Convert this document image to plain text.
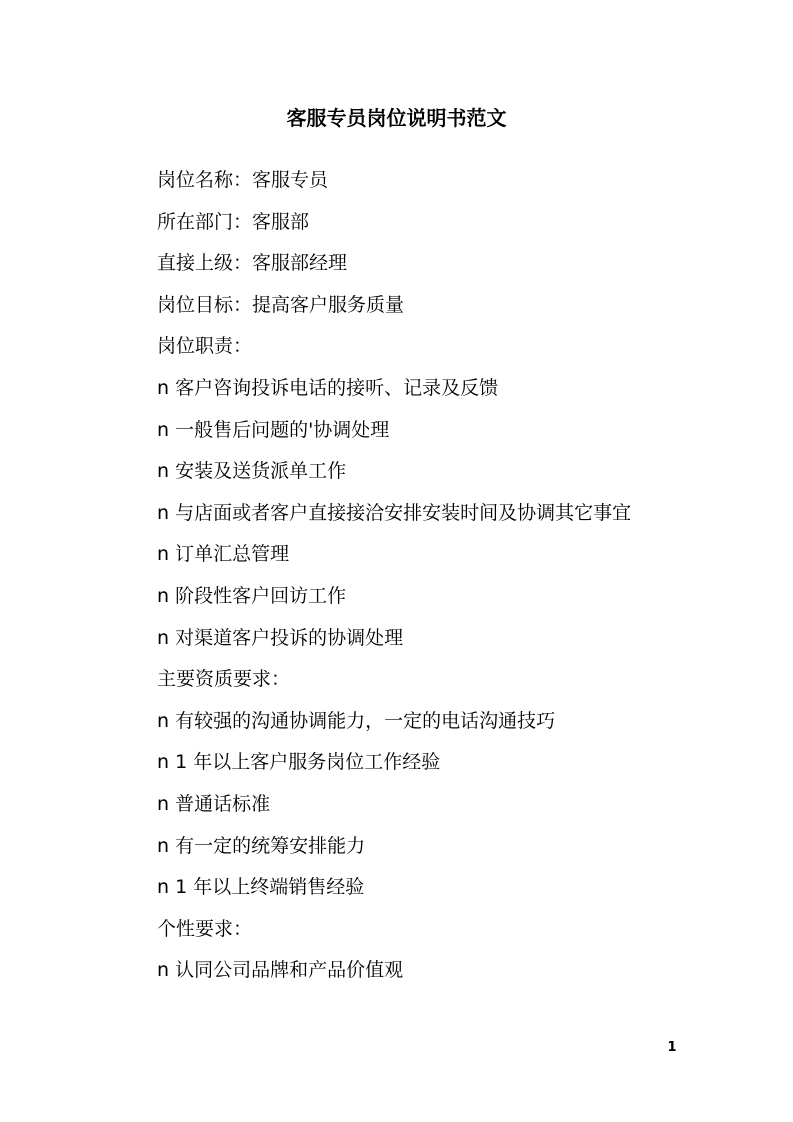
客服专员岗位说明书范文
岗位名称：客服专员
所在部门：客服部
直接上级：客服部经理
岗位目标：提高客户服务质量
岗位职责：
n 客户咨询投诉电话的接听、记录及反馈
n 一般售后问题的'协调处理
n 安装及送货派单工作
n 与店面或者客户直接接洽安排安装时间及协调其它事宜
n 订单汇总管理
n 阶段性客户回访工作
n 对渠道客户投诉的协调处理
主要资质要求：
n 有较强的沟通协调能力，一定的电话沟通技巧
n 1 年以上客户服务岗位工作经验
n 普通话标准
n 有一定的统筹安排能力
n 1 年以上终端销售经验
个性要求：
n 认同公司品牌和产品价值观
1
